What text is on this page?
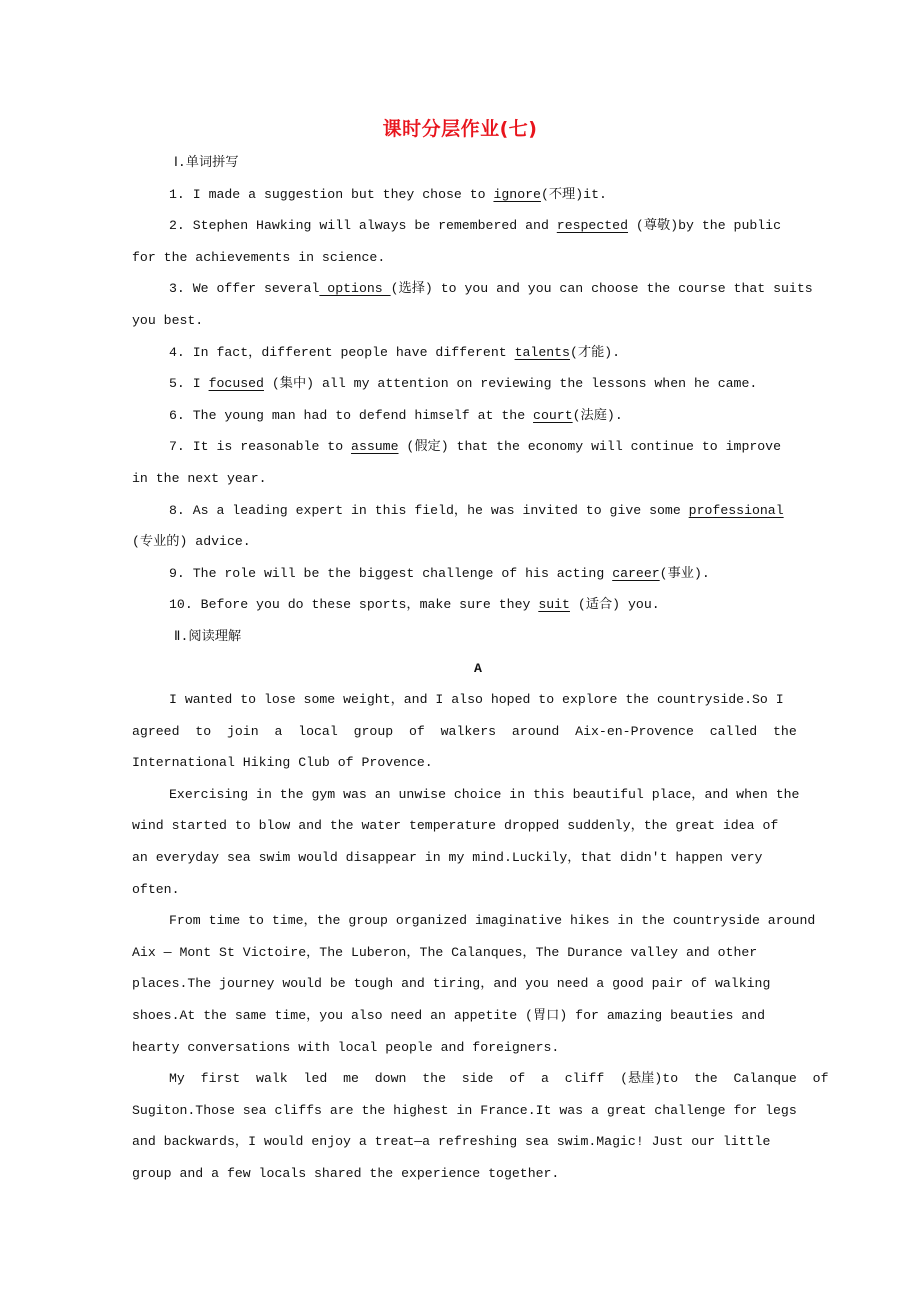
课时分层作业(七)
Ⅰ.单词拼写
1. I made a suggestion but they chose to ignore(不理)it.
2. Stephen Hawking will always be remembered and respected (尊敬)by the public
for the achievements in science.
3. We offer several options (选择) to you and you can choose the course that suits
you best.
4. In fact，different people have different talents(才能).
5. I focused (集中) all my attention on reviewing the lessons when he came.
6. The young man had to defend himself at the court(法庭).
7. It is reasonable to assume (假定) that the economy will continue to improve
in the next year.
8. As a leading expert in this field，he was invited to give some professional
(专业的) advice.
9. The role will be the biggest challenge of his acting career(事业).
10. Before you do these sports，make sure they suit (适合) you.
Ⅱ.阅读理解
A
I wanted to lose some weight，and I also hoped to explore the countryside.So I
agreed  to  join  a  local  group  of  walkers  around  Aix-en-Provence  called  the
International Hiking Club of Provence.
Exercising in the gym was an unwise choice in this beautiful place，and when the
wind started to blow and the water temperature dropped suddenly，the great idea of
an everyday sea swim would disappear in my mind.Luckily，that didn't happen very
often.
From time to time，the group organized imaginative hikes in the countryside around
Aix — Mont St Victoire，The Luberon，The Calanques，The Durance valley and other
places.The journey would be tough and tiring，and you need a good pair of walking
shoes.At the same time，you also need an appetite (胃口) for amazing beauties and
hearty conversations with local people and foreigners.
My  first  walk  led  me  down  the  side  of  a  cliff  (悬崖)to  the  Calanque  of
Sugiton.Those sea cliffs are the highest in France.It was a great challenge for legs
and backwards，I would enjoy a treat—a refreshing sea swim.Magic! Just our little
group and a few locals shared the experience together.
